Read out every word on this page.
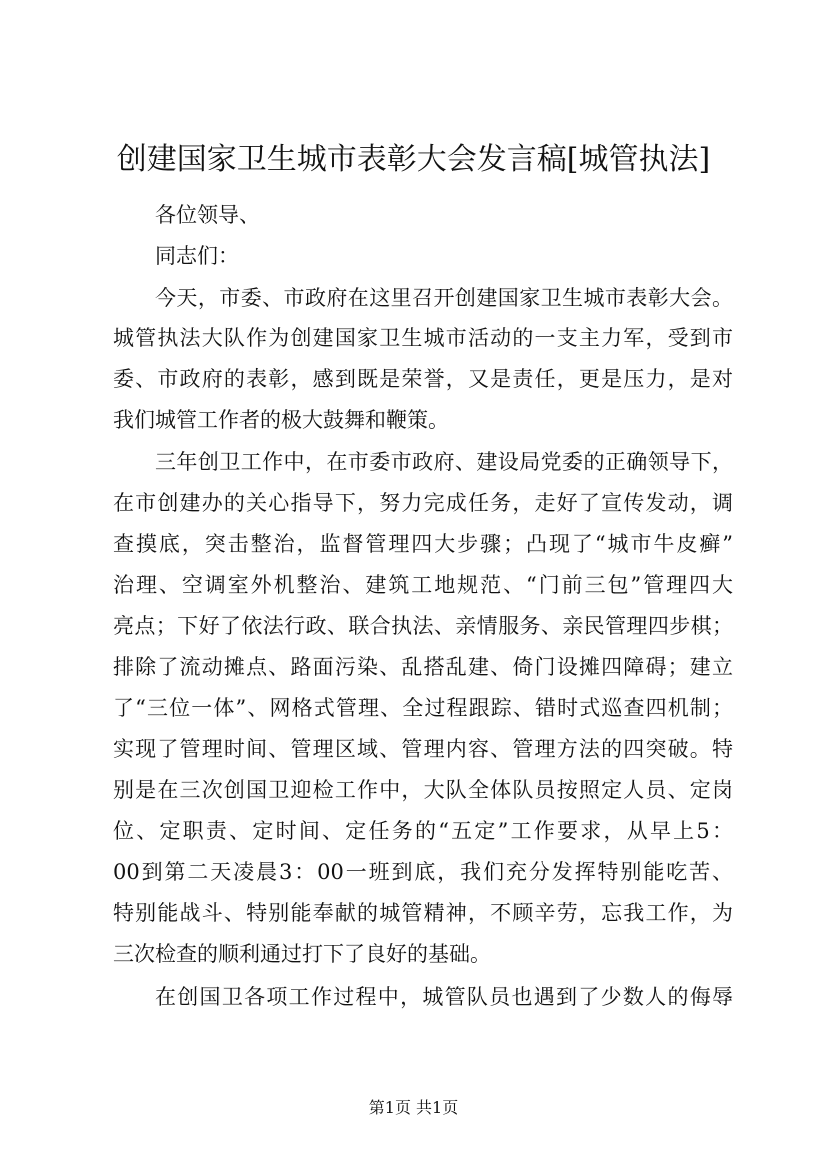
创建国家卫生城市表彰大会发言稿[城管执法]
各位领导、
同志们：
今天，市委、市政府在这里召开创建国家卫生城市表彰大会。
城管执法大队作为创建国家卫生城市活动的一支主力军，受到市
委、市政府的表彰，感到既是荣誉，又是责任，更是压力，是对
我们城管工作者的极大鼓舞和鞭策。
三年创卫工作中，在市委市政府、建设局党委的正确领导下，
在市创建办的关心指导下，努力完成任务，走好了宣传发动，调
查摸底，突击整治，监督管理四大步骤；凸现了“城市牛皮癣”
治理、空调室外机整治、建筑工地规范、“门前三包”管理四大
亮点；下好了依法行政、联合执法、亲情服务、亲民管理四步棋；
排除了流动摊点、路面污染、乱搭乱建、倚门设摊四障碍；建立
了“三位一体”、网格式管理、全过程跟踪、错时式巡查四机制；
实现了管理时间、管理区域、管理内容、管理方法的四突破。特
别是在三次创国卫迎检工作中，大队全体队员按照定人员、定岗
位、定职责、定时间、定任务的“五定”工作要求，从早上5：
00到第二天凌晨3：00一班到底，我们充分发挥特别能吃苦、
特别能战斗、特别能奉献的城管精神，不顾辛劳，忘我工作，为
三次检查的顺利通过打下了良好的基础。
在创国卫各项工作过程中，城管队员也遇到了少数人的侮辱
第1页 共1页
